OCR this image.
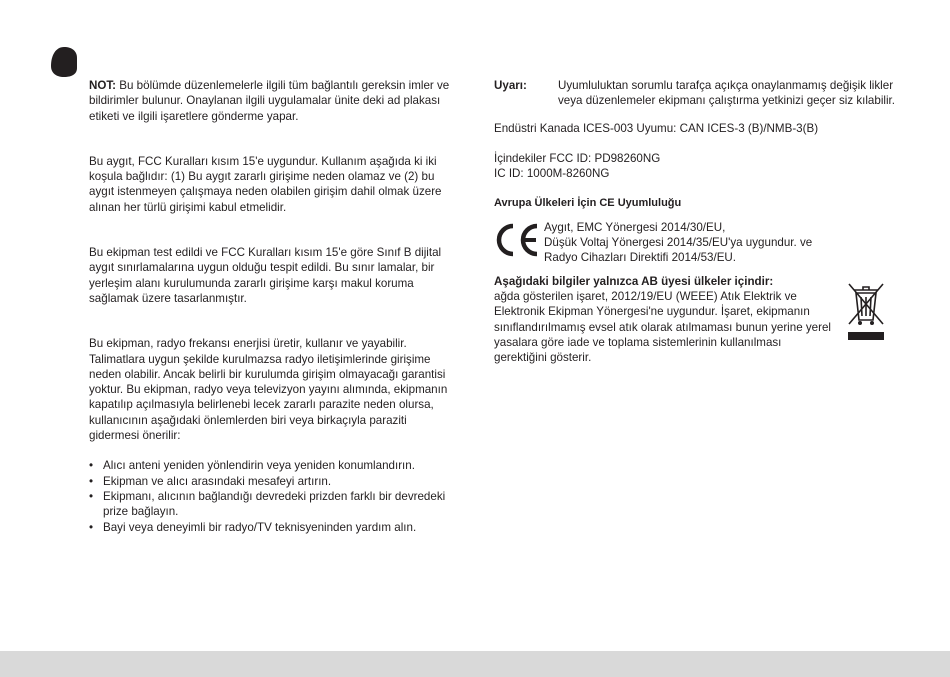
NOT: Bu bölümde düzenlemelerle ilgili tüm bağlantılı gereksin imler ve bildirimler bulunur. Onaylanan ilgili uygulamalar ünite deki ad plakası etiketi ve ilgili işaretlere gönderme yapar.

Bu aygıt, FCC Kuralları kısım 15'e uygundur. Kullanım aşağıda ki iki koşula bağlıdır: (1) Bu aygıt zararlı girişime neden olamaz ve (2) bu aygıt istenmeyen çalışmaya neden olabilen girişim dahil olmak üzere alınan her türlü girişimi kabul etmelidir.

Bu ekipman test edildi ve FCC Kuralları kısım 15'e göre Sınıf B dijital aygıt sınırlamalarına uygun olduğu tespit edildi. Bu sınır lamalar, bir yerleşim alanı kurulumunda zararlı girişime karşı makul koruma sağlamak üzere tasarlanmıştır.

Bu ekipman, radyo frekansı enerjisi üretir, kullanır ve yayabilir. Talimatlara uygun şekilde kurulmazsa radyo iletişimlerinde girişime neden olabilir. Ancak belirli bir kurulumda girişim olmayacağı garantisi yoktur. Bu ekipman, radyo veya televizyon yayını alımında, ekipmanın kapatılıp açılmasıyla belirlenebi lecek zararlı parazite neden olursa, kullanıcının aşağıdaki önlemlerden biri veya birkaçıyla paraziti gidermesi önerilir:

• Alıcı anteni yeniden yönlendirin veya yeniden konumlandırın.
• Ekipman ve alıcı arasındaki mesafeyi artırın.
• Ekipmanı, alıcının bağlandığı devredeki prizden farklı bir devredeki prize bağlayın.
• Bayi veya deneyimli bir radyo/TV teknisyeninden yardım alın.
Uyarı:	Uyumluluktan sorumlu tarafça açıkça onaylanmamış değişik likler veya düzenlemeler ekipmanı çalıştırma yetkinizi geçer siz kılabilir.

Endüstri Kanada ICES-003 Uyumu: CAN ICES-3 (B)/NMB-3(B)

İçindekiler FCC ID: PD98260NG

IC ID: 1000M-8260NG

Avrupa Ülkeleri İçin CE Uyumluluğu

Aygıt, EMC Yönergesi 2014/30/EU,

Düşük Voltaj Yönergesi 2014/35/EU'ya uygundur. ve

Radyo Cihazları Direktifi 2014/53/EU.

Aşağıdaki bilgiler yalnızca AB üyesi ülkeler içindir:

ağda gösterilen işaret, 2012/19/EU (WEEE) Atık Elektrik ve Elektronik Ekipman Yönergesi'ne uygundur. İşaret, ekipmanın sınıflandırılmamış evsel atık olarak atılmaması bunun yerine yerel yasalara göre iade ve toplama sistemlerinin kullanılması gerektiğini gösterir.
